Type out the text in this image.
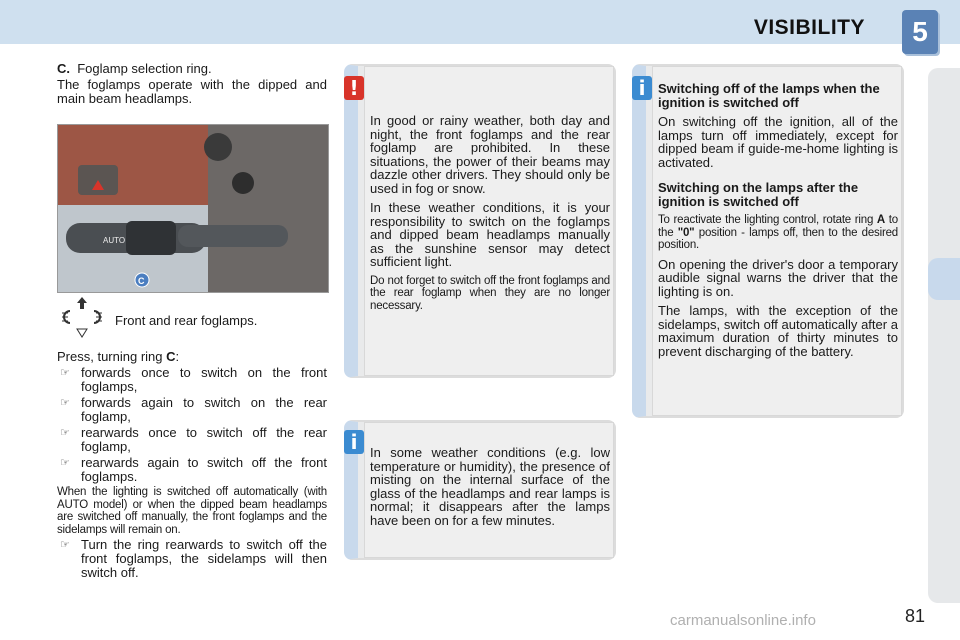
VISIBILITY	5

C. Foglamp selection ring.

The foglamps operate with the dipped and main beam headlamps.

AUTO
C
Front and rear foglamps.

Press, turning ring C:

☞ forwards once to switch on the front foglamps,
☞ forwards again to switch on the rear foglamp,
☞ rearwards once to switch off the rear foglamp,
☞ rearwards again to switch off the front foglamps.

When the lighting is switched off automatically (with AUTO model) or when the dipped beam headlamps are switched off manually, the front foglamps and the sidelamps will remain on.

☞ Turn the ring rearwards to switch off the front foglamps, the sidelamps will then switch off.
!

In good or rainy weather, both day and night, the front foglamps and the rear foglamp are prohibited. In these situations, the power of their beams may dazzle other drivers. They should only be used in fog or snow.

In these weather conditions, it is your responsibility to switch on the foglamps and dipped beam headlamps manually as the sunshine sensor may detect sufficient light.

Do not forget to switch off the front foglamps and the rear foglamp when they are no longer necessary.

i In some weather conditions (e.g. low temperature or humidity), the presence of misting on the internal surface of the glass of the headlamps and rear lamps is normal; it disappears after the lamps have been on for a few minutes.

i Switching off of the lamps when the ignition is switched off

On switching off the ignition, all of the lamps turn off immediately, except for dipped beam if guide-me-home lighting is activated.

Switching on the lamps after the ignition is switched off

To reactivate the lighting control, rotate ring A to the "0" position - lamps off, then to the desired position.

On opening the driver's door a temporary audible signal warns the driver that the lighting is on.

The lamps, with the exception of the sidelamps, switch off automatically after a maximum duration of thirty minutes to prevent discharging of the battery.

carmanualsonline.info	81
